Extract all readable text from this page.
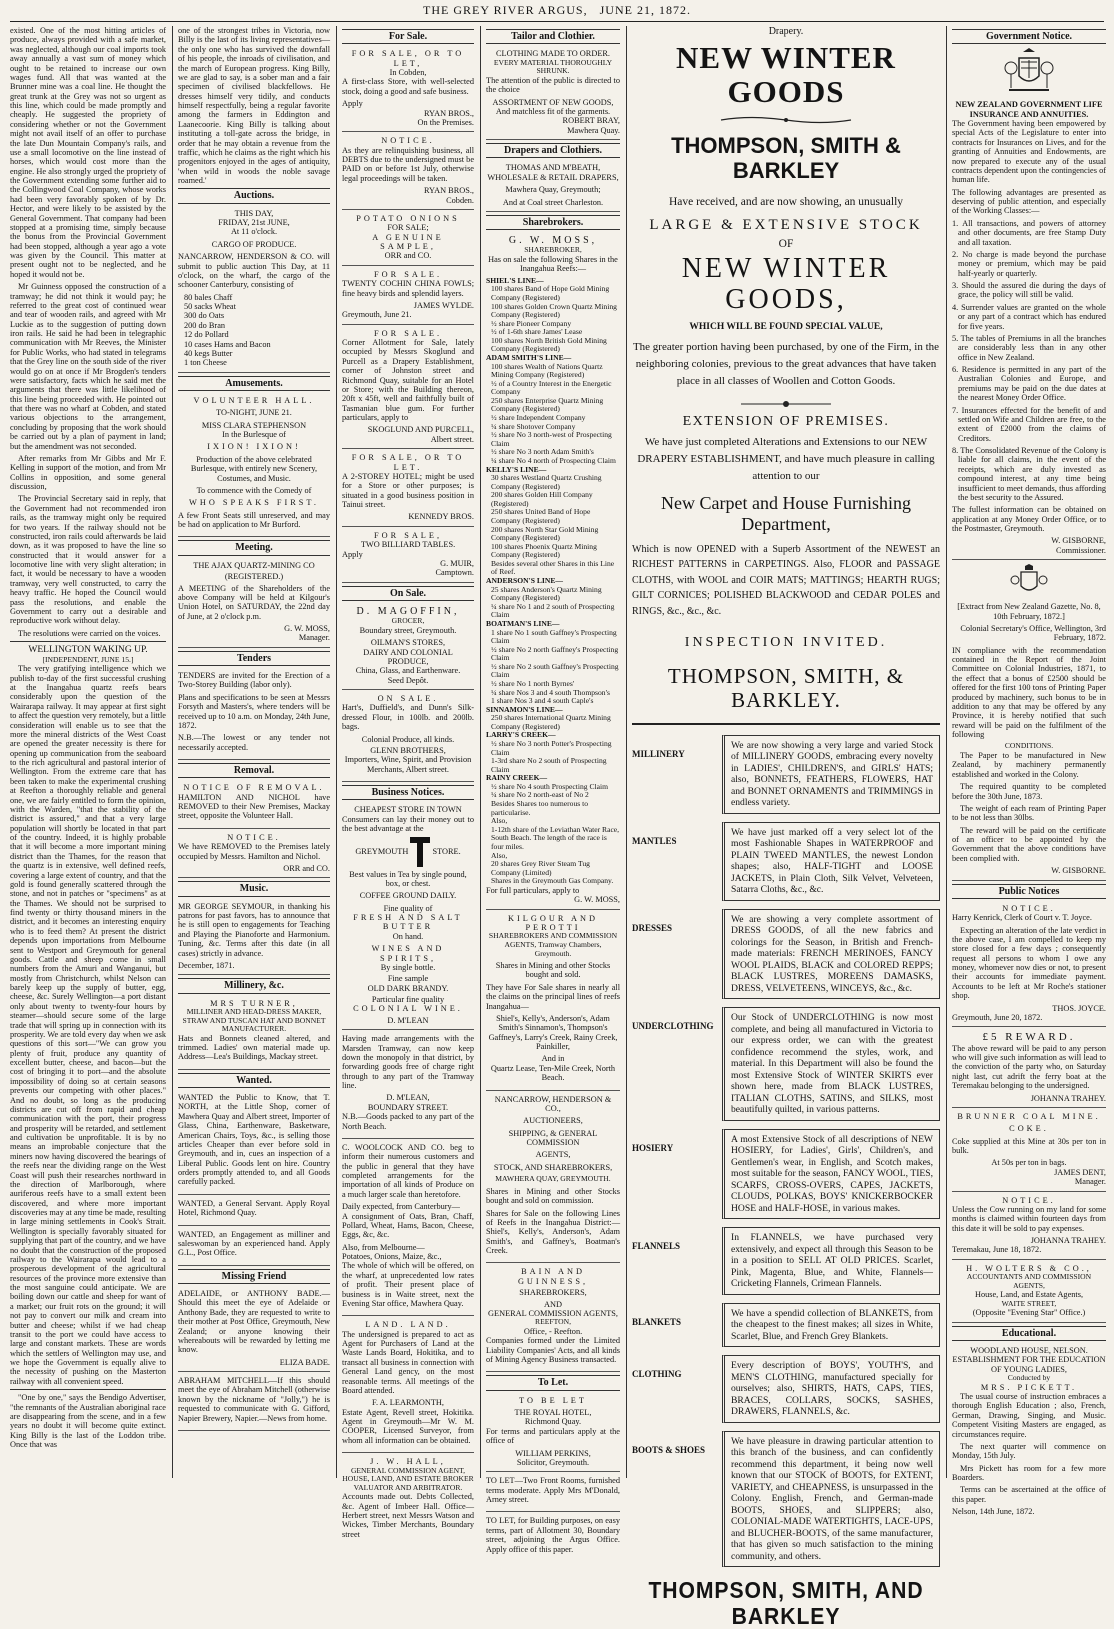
THE GREY RIVER ARGUS, JUNE 21, 1872.

existed. One of the most hitting articles of produce, always provided with a safe market, was neglected, although our coal imports took away annually a vast sum of money which ought to be retained to increase our own wages fund. All that was wanted at the Brunner mine was a coal line. He thought the great trunk at the Grey was not so urgent as this line, which could be made promptly and cheaply. He suggested the propriety of considering whether or not the Government might not avail itself of an offer to purchase the late Dun Mountain Company's rails, and use a small locomotive on the line instead of horses, which would cost more than the engine. He also strongly urged the propriety of the Government extending some further aid to the Collingwood Coal Company, whose works had been very favorably spoken of by Dr. Hector, and were likely to be assisted by the General Government. That company had been stopped at a promising time, simply because the bonus from the Provincial Government had been stopped, although a year ago a vote was given by the Council. This matter at present ought not to be neglected, and he hoped it would not be.

Mr Guinness opposed the construction of a tramway; he did not think it would pay; he referred to the great cost of continued wear and tear of wooden rails, and agreed with Mr Luckie as to the suggestion of putting down iron rails. He said he had been in telegraphic communication with Mr Reeves, the Minister for Public Works, who had stated in telegrams that the Grey line on the south side of the river would go on at once if Mr Brogden's tenders were satisfactory, facts which he said met the arguments that there was little likelihood of this line being proceeded with. He pointed out that there was no wharf at Cobden, and stated various objections to the arrangement, concluding by proposing that the work should be carried out by a plan of payment in land; but the amendment was not seconded.

After remarks from Mr Gibbs and Mr F. Kelling in support of the motion, and from Mr Collins in opposition, and some general discussion,

The Provincial Secretary said in reply, that the Government had not recommended iron rails, as the tramway might only be required for two years. If the railway should not be constructed, iron rails could afterwards be laid down, as it was proposed to have the line so constructed that it would answer for a locomotive line with very slight alteration; in fact, it would be necessary to have a wooden tramway, very well constructed, to carry the heavy traffic. He hoped the Council would pass the resolutions, and enable the Government to carry out a desirable and reproductive work without delay.

The resolutions were carried on the voices.

WELLINGTON WAKING UP.
[INDEPENDENT, JUNE 15.]

The very gratifying intelligence which we publish to-day of the first successful crushing at the Inangahua quartz reefs bears considerably upon the question of the Wairarapa railway. It may appear at first sight to affect the question very remotely, but a little consideration will enable us to see that the more the mineral districts of the West Coast are opened the greater necessity is there for opening up communication from the seaboard to the rich agricultural and pastoral interior of Wellington. From the extreme care that has been taken to make the experimental crushing at Reefton a thoroughly reliable and general one, we are fairly entitled to form the opinion, with the Warden, "that the stability of the district is assured," and that a very large population will shortly be located in that part of the country. Indeed, it is highly probable that it will become a more important mining district than the Thames, for the reason that the quartz is in extensive, well defined reefs, covering a large extent of country, and that the gold is found generally scattered through the stone, and not in patches or "specimens" as at the Thames. We should not be surprised to find twenty or thirty thousand miners in the district, and it becomes an interesting enquiry who is to feed them? At present the district depends upon importations from Melbourne sent to Westport and Greymouth for general goods. Cattle and sheep come in small numbers from the Amuri and Wanganui, but mostly from Christchurch, whilst Nelson can barely keep up the supply of butter, egg, cheese, &c. Surely Wellington—a port distant only about twenty to twenty-four hours by steamer—should secure some of the large trade that will spring up in connection with its prosperity. We are told every day when we ask questions of this sort—"We can grow you plenty of fruit, produce any quantity of excellent butter, cheese, and bacon—but the cost of bringing it to port—and the absolute impossibility of doing so at certain seasons prevents our competing with other places." And no doubt, so long as the producing districts are cut off from rapid and cheap communication with the port, their progress and prosperity will be retarded, and settlement and cultivation be unprofitable. It is by no means an improbable conjecture that the miners now having discovered the bearings of the reefs near the dividing range on the West Coast will push their researches northward in the direction of Marlborough, where auriferous reefs have to a small extent been discovered, and where more important discoveries may at any time be made, resulting in large mining settlements in Cook's Strait. Wellington is specially favorably situated for supplying that part of the country, and we have no doubt that the construction of the proposed railway to the Wairarapa would lead to a prosperous development of the agricultural resources of the province more extensive than the most sanguine could anticipate. We are boiling down our cattle and sheep for want of a market; our fruit rots on the ground; it will not pay to convert our milk and cream into butter and cheese; whilst if we had cheap transit to the port we could have access to large and constant markets. These are words which the settlers of Wellington may use, and we hope the Government is equally alive to the necessity of pushing on the Masterton railway with all convenient speed.

"One by one," says the Bendigo Advertiser, "the remnants of the Australian aboriginal race are disappearing from the scene, and in a few years no doubt it will become quite extinct. King Billy is the last of the Loddon tribe. Once that was

one of the strongest tribes in Victoria, now Billy is the last of its living representatives—the only one who has survived the downfall of his people, the inroads of civilisation, and the march of European progress. King Billy, we are glad to say, is a sober man and a fair specimen of civilised blackfellows. He dresses himself very tidily, and conducts himself respectfully, being a regular favorite among the farmers in Eddington and Laanecoorie. King Billy is talking about instituting a toll-gate across the bridge, in order that he may obtain a revenue from the traffic, which he claims as the right which his progenitors enjoyed in the ages of antiquity, 'when wild in woods the noble savage roamed.'

Auctions.
THIS DAY,
FRIDAY, 21st JUNE,
At 11 o'clock.
CARGO OF PRODUCE.

NANCARROW, HENDERSON & CO. will submit to public auction This Day, at 11 o'clock, on the wharf, the cargo of the schooner Canterbury, consisting of

80 bales Chaff
50 sacks Wheat
300 do Oats
200 do Bran
12 do Pollard
10 cases Hams and Bacon
40 kegs Butter
1 ton Cheese
Amusements.
VOLUNTEER HALL.
TO-NIGHT, JUNE 21.
MISS CLARA STEPHENSON
In the Burlesque of
IXION! IXION!

Production of the above celebrated Burlesque, with entirely new Scenery, Costumes, and Music.

To commence with the Comedy of
WHO SPEAKS FIRST.

A few Front Seats still unreserved, and may be had on application to Mr Burford.

Meeting.
THE AJAX QUARTZ-MINING CO
(REGISTERED.)

A MEETING of the Shareholders of the above Company will be held at Kilgour's Union Hotel, on SATURDAY, the 22nd day of June, at 2 o'clock p.m.

G. W. MOSS,
Manager.
Tenders

TENDERS are invited for the Erection of a Two-Storey Building (labor only).

Plans and specifications to be seen at Messrs Forsyth and Masters's, where tenders will be received up to 10 a.m. on Monday, 24th June, 1872.

N.B.—The lowest or any tender not necessarily accepted.

Removal.
NOTICE OF REMOVAL.

HAMILTON AND NICHOL have REMOVED to their New Premises, Mackay street, opposite the Volunteer Hall.

NOTICE.

We have REMOVED to the Premises lately occupied by Messrs. Hamilton and Nichol.

ORR and CO.
Music.

MR GEORGE SEYMOUR, in thanking his patrons for past favors, has to announce that he is still open to engagements for Teaching and Playing the Pianoforte and Harmonium. Tuning, &c. Terms after this date (in all cases) strictly in advance.

December, 1871.
Millinery, &c.
MRS TURNER,
MILLINER AND HEAD-DRESS MAKER,
STRAW AND TUSCAN HAT AND BONNET MANUFACTURER.

Hats and Bonnets cleaned altered, and trimmed. Ladies' own material made up. Address—Lea's Buildings, Mackay street.

Wanted.

WANTED the Public to Know, that T. NORTH, at the Little Shop, corner of Mawhera Quay and Albert street, Importer of Glass, China, Earthenware, Basketware, American Chairs, Toys, &c., is selling those articles Cheaper than ever before sold in Greymouth, and in, cues an inspection of a Liberal Public. Goods lent on hire. Country orders promptly attended to, and all Goods carefully packed.

WANTED, a General Servant. Apply Royal Hotel, Richmond Quay.

WANTED, an Engagement as milliner and saleswoman by an experienced hand. Apply G.L., Post Office.

Missing Friend

ADELAIDE, or ANTHONY BADE.—Should this meet the eye of Adelaide or Anthony Bade, they are requested to write to their mother at Post Office, Greymouth, New Zealand; or anyone knowing their whereabouts will be rewarded by letting me know.

ELIZA BADE.

ABRAHAM MITCHELL—If this should meet the eye of Abraham Mitchell (otherwise known by the nickname of "Jolly,") he is requested to communicate with G. Gifford, Napier Brewery, Napier.—News from home.

For Sale.
FOR SALE, OR TO LET,
In Cobden,

A first-class Store, with well-selected stock, doing a good and safe business.

Apply
RYAN BROS.,
On the Premises.
NOTICE.

As they are relinquishing business, all DEBTS due to the undersigned must be PAID on or before 1st July, otherwise legal proceedings will be taken.

RYAN BROS.,
Cobden.
POTATO ONIONS
FOR SALE;
A GENUINE SAMPLE,
ORR and CO.
FOR SALE.

TWENTY COCHIN CHINA FOWLS; fine heavy birds and splendid layers.

JAMES WYLDE.
Greymouth, June 21.
FOR SALE.

Corner Allotment for Sale, lately occupied by Messrs Skoglund and Purcell as a Drapery Establishment, corner of Johnston street and Richmond Quay, suitable for an Hotel or Store; with the Building thereon, 20ft x 45ft, well and faithfully built of Tasmanian blue gum. For further particulars, apply to

SKOGLUND AND PURCELL,
Albert street.
FOR SALE, OR TO LET.

A 2-STOREY HOTEL; might be used for a Store or other purposes; is situated in a good business position in Tainui street.

KENNEDY BROS.
FOR SALE,
TWO BILLIARD TABLES.
Apply
G. MUIR,
Camptown.
On Sale.
D. MAGOFFIN,
GROCER,
Boundary street, Greymouth.
OILMAN'S STORES,
DAIRY AND COLONIAL PRODUCE,
China, Glass, and Earthenware.
Seed Depôt.
ON SALE.

Hart's, Duffield's, and Dunn's Silk-dressed Flour, in 100lb. and 200lb. bags.

Colonial Produce, all kinds.
GLENN BROTHERS,

Importers, Wine, Spirit, and Provision Merchants, Albert street.

Business Notices.
CHEAPEST STORE IN TOWN

Consumers can lay their money out to the best advantage at the

GREYMOUTH	STORE.

Best values in Tea by single pound, box, or chest.

COFFEE GROUND DAILY.
Fine quality of
FRESH AND SALT BUTTER
On hand.
WINES AND SPIRITS,
By single bottle.
Fine sample
OLD DARK BRANDY.
Particular fine quality
COLONIAL WINE.
D. M'LEAN

Having made arrangements with the Marsden Tramway, can now keep down the monopoly in that district, by forwarding goods free of charge right through to any part of the Tramway line.

D. M'LEAN,
BOUNDARY STREET.

N.B.—Goods packed to any part of the North Beach.

C. WOOLCOCK AND CO. beg to inform their numerous customers and the public in general that they have completed arrangements for the importation of all kinds of Produce on a much larger scale than heretofore.

Daily expected, from Canterbury—

A consignment of Oats, Bran, Chaff, Pollard, Wheat, Hams, Bacon, Cheese, Eggs, &c, &c.

Also, from Melbourne—
Potatoes, Onions, Maize, &c.,

The whole of which will be offered, on the wharf, at unprecedented low rates of profit. Their present place of business is in Waite street, next the Evening Star office, Mawhera Quay.

LAND. LAND.

The undersigned is prepared to act as Agent for Purchasers of Land at the Waste Lands Board, Hokitika, and to transact all business in connection with General Land gency, on the most reasonable terms. All meetings of the Board attended.

F. A. LEARMONTH,

Estate Agent, Revell street, Hokitika. Agent in Greymouth—Mr W. M. COOPER, Licensed Surveyor, from whom all information can be obtained.

J. W. HALL,
GENERAL COMMISSION AGENT, HOUSE, LAND, AND ESTATE BROKER
VALUATOR AND ARBITRATOR.

Accounts made out. Debts Collected, &c. Agent of Imbeer Hall. Office—Herbert street, next Messrs Watson and Wickes, Timber Merchants, Boundary street

Tailor and Clothier.
CLOTHING MADE TO ORDER.
EVERY MATERIAL THOROUGHLY SHRUNK.

The attention of the public is directed to the choice

ASSORTMENT OF NEW GOODS,
And matchless fit of the garments.
ROBERT BRAY,
Mawhera Quay.
Drapers and Clothiers.
THOMAS AND M'BEATH,
WHOLESALE & RETAIL DRAPERS,
Mawhera Quay, Greymouth;
And at Coal street Charleston.
Sharebrokers.
G. W. MOSS,
SHAREBROKER,

Has on sale the following Shares in the Inangahua Reefs:—

SHIEL'S LINE—
100 shares Band of Hope Gold Mining Company (Registered)
100 shares Golden Crown Quartz Mining Company (Registered)
½ share Pioneer Company
½ of 1-6th share James' Lease
100 shares North British Gold Mining Company (Registered)
ADAM SMITH'S LINE—
100 shares Wealth of Nations Quartz Mining Company (Registered)
½ of a Country Interest in the Energetic Company
250 shares Enterprise Quartz Mining Company (Registered)
½ share Independent Company
¼ share Shotover Company
½ share No 3 north-west of Prospecting Claim
½ share No 3 north Adam Smith's
¼ share No 4 north of Prospecting Claim
KELLY'S LINE—
30 shares Westland Quartz Crushing Company (Registered)
200 shares Golden Hill Company (Registered)
250 shares United Band of Hope Company (Registered)
200 shares North Star Gold Mining Company (Registered)
100 shares Phoenix Quartz Mining Company (Registered)
Besides several other Shares in this Line of Reef.
ANDERSON'S LINE—
25 shares Anderson's Quartz Mining Company (Registered)
¼ share No 1 and 2 south of Prospecting Claim
BOATMAN'S LINE—
1 share No 1 south Gaffney's Prospecting Claim
½ share No 2 north Gaffney's Prospecting Claim
½ share No 2 south Gaffney's Prospecting Claim
½ share No 1 north Byrnes'
¼ share Nos 3 and 4 south Thompson's
1 share Nos 3 and 4 south Caple's
SINNAMON'S LINE—
250 shares International Quartz Mining Company (Registered)
LARRY'S CREEK—
½ share No 3 north Potter's Prospecting Claim
1-3rd share No 2 south of Prospecting Claim
RAINY CREEK—
½ share No 4 south Prospecting Claim
¼ share No 2 north-east of No 2
Besides Shares too numerous to particularise.
Also,
1-12th share of the Leviathan Water Race, South Beach. The length of the race is four miles.
Also,
20 shares Grey River Steam Tug Company (Limited)
Shares in the Greymouth Gas Company.
For full particulars, apply to
G. W. MOSS,
KILGOUR AND PEROTTI

SHAREBROKERS AND COMMISSION AGENTS, Tramway Chambers, Greymouth.

Shares in Mining and other Stocks bought and sold.

They have For Sale shares in nearly all the claims on the principal lines of reefs Inangahua—

Shiel's, Kelly's, Anderson's, Adam Smith's Sinnamon's, Thompson's Gaffney's, Larry's Creek, Rainy Creek, Painkiller,

And in

Quartz Lease, Ten-Mile Creek, North Beach.

NANCARROW, HENDERSON & CO.,
AUCTIONEERS,
SHIPPING, & GENERAL COMMISSION
AGENTS,
STOCK, AND SHAREBROKERS,
MAWHERA QUAY, GREYMOUTH.

Shares in Mining and other Stocks bought and sold on commission.

Shares for Sale on the following Lines of Reefs in the Inangahua District:—Shiel's, Kelly's, Anderson's, Adam Smith's, and Gaffney's, Boatman's Creek.

BAIN AND GUINNESS,
SHAREBROKERS,
AND
GENERAL COMMISSION AGENTS,
REEFTON,
Office, - Reefton.

Companies formed under the Limited Liability Companies' Acts, and all kinds of Mining Agency Business transacted.

To Let.
TO BE LET
THE ROYAL HOTEL,
Richmond Quay.

For terms and particulars apply at the office of

WILLIAM PERKINS,
Solicitor, Greymouth.

TO LET—Two Front Rooms, furnished terms moderate. Apply Mrs M'Donald, Arney street.

TO LET, for Building purposes, on easy terms, part of Allotment 30, Boundary street, adjoining the Argus Office. Apply office of this paper.

Drapery.
NEW WINTER GOODS
THOMPSON, SMITH & BARKLEY
Have received, and are now showing, an unusually
LARGE & EXTENSIVE STOCK
OF
NEW WINTER GOODS,
WHICH WILL BE FOUND SPECIAL VALUE,
The greater portion having been purchased, by one of the Firm, in the neighboring colonies, previous to the great advances that have taken place in all classes of Woollen and Cotton Goods.
EXTENSION OF PREMISES.
We have just completed Alterations and Extensions to our NEW DRAPERY ESTABLISHMENT, and have much pleasure in calling attention to our
New Carpet and House Furnishing Department,
Which is now OPENED with a Superb Assortment of the NEWEST an RICHEST PATTERNS in CARPETINGS. Also, FLOOR and PASSAGE CLOTHS, with WOOL and COIR MATS; MATTINGS; HEARTH RUGS; GILT CORNICES; POLISHED BLACKWOOD and CEDAR POLES and RINGS, &c., &c., &c.
INSPECTION INVITED.
THOMPSON, SMITH, & BARKLEY.
MILLINERY
We are now showing a very large and varied Stock of MILLINERY GOODS, embracing every novelty in LADIES', CHILDREN'S, and GIRLS' HATS; also, BONNETS, FEATHERS, FLOWERS, HAT and BONNET ORNAMENTS and TRIMMINGS in endless variety.
MANTLES
We have just marked off a very select lot of the most Fashionable Shapes in WATERPROOF and PLAIN TWEED MANTLES, the newest London shapes; also, HALF-TIGHT and LOOSE JACKETS, in Plain Cloth, Silk Velvet, Velveteen, Satarra Cloths, &c., &c.
DRESSES
We are showing a very complete assortment of DRESS GOODS, of all the new fabrics and colorings for the Season, in British and French-made materials: FRENCH MERINOES, FANCY WOOL PLAIDS, BLACK and COLORED REPPS; BLACK LUSTRES, MOREENS DAMASKS, DRESS, VELVETEENS, WINCEYS, &c., &c.
UNDERCLOTHING
Our Stock of UNDERCLOTHING is now most complete, and being all manufactured in Victoria to our express order, we can with the greatest confidence recommend the styles, work, and material. In this Department will also be found the most Extensive Stock of WINTER SKIRTS ever shown here, made from BLACK LUSTRES, ITALIAN CLOTHS, SATINS, and SILKS, most beautifully quilted, in various patterns.
HOSIERY
A most Extensive Stock of all descriptions of NEW HOSIERY, for Ladies', Girls', Children's, and Gentlemen's wear, in English, and Scotch makes, most suitable for the season, FANCY WOOL, TIES, SCARFS, CROSS-OVERS, CAPES, JACKETS, CLOUDS, POLKAS, BOYS' KNICKERBOCKER HOSE and HALF-HOSE, in various makes.
FLANNELS
In FLANNELS, we have purchased very extensively, and expect all through this Season to be in a position to SELL AT OLD PRICES. Scarlet, Pink, Magenta, Blue, and White, Flannels—Cricketing Flannels, Crimean Flannels.
BLANKETS
We have a spendid collection of BLANKETS, from the cheapest to the finest makes; all sizes in White, Scarlet, Blue, and French Grey Blankets.
CLOTHING
Every description of BOYS', YOUTH'S, and MEN'S CLOTHING, manufactured specially for ourselves; also, SHIRTS, HATS, CAPS, TIES, BRACES, COLLARS, SOCKS, SASHES, DRAWERS, FLANNELS, &c.
BOOTS & SHOES
We have pleasure in drawing particular attention to this branch of the business, and can confidently recommend this department, it being now well known that our STOCK of BOOTS, for EXTENT, VARIETY, and CHEAPNESS, is unsurpassed in the Colony. English, French, and German-made BOOTS, SHOES, and SLIPPERS; also, COLONIAL-MADE WATERTIGHTS, LACE-UPS, and BLUCHER-BOOTS, of the same manufacturer, that has given so much satisfaction to the mining community, and others.
THOMPSON, SMITH, AND BARKLEY
Government Notice.
NEW ZEALAND GOVERNMENT LIFE INSURANCE AND ANNUITIES.

The Government having been empowered by special Acts of the Legislature to enter into contracts for Insurances on Lives, and for the granting of Annuities and Endowments, are now prepared to execute any of the usual contracts dependent upon the contingencies of human life.

The following advantages are presented as deserving of public attention, and especially of the Working Classes:—

1. All transactions, and powers of attorney and other documents, are free Stamp Duty and all taxation.

2. No charge is made beyond the purchase money or premium, which may be paid half-yearly or quarterly.

3. Should the assured die during the days of grace, the policy will still be valid.

4. Surrender values are granted on the whole or any part of a contract which has endured for five years.

5. The tables of Premiums in all the branches are considerably less than in any other office in New Zealand.

6. Residence is permitted in any part of the Australian Colonies and Europe, and premiums may be paid on the due dates at the nearest Money Order Office.

7. Insurances effected for the benefit of and settled on Wife and Children are free, to the extent of £2000 from the claims of Creditors.

8. The Consolidated Revenue of the Colony is liable for all claims, in the event of the receipts, which are duly invested as compound interest, at any time being insufficient to meet demands, thus affording the best security to the Assured.

The fullest information can be obtained on application at any Money Order Office, or to the Postmaster, Greymouth.

W. GISBORNE,
Commissioner.

[Extract from New Zealand Gazette, No. 8, 10th February, 1872.]

Colonial Secretary's Office, Wellington, 3rd February, 1872.

IN compliance with the recommendation contained in the Report of the Joint Committee on Colonial Industries, 1871, to the effect that a bonus of £2500 should be offered for the first 100 tons of Printing Paper produced by machinery, such bonus to be in addition to any that may be offered by any Province, it is hereby notified that such reward will be paid on the fulfilment of the following

CONDITIONS.

The Paper to be manufactured in New Zealand, by machinery permanently established and worked in the Colony.

The required quantity to be completed before the 30th June, 1873.

The weight of each ream of Printing Paper to be not less than 30lbs.

The reward will be paid on the certificate of an officer to be appointed by the Government that the above conditions have been complied with.

W. GISBORNE.
Public Notices
NOTICE.

Harry Kenrick, Clerk of Court v. T. Joyce.

Expecting an alteration of the late verdict in the above case, I am compelled to keep my store closed for a few days ; consequently request all persons to whom I owe any money, whomever now dies or not, to present their accounts for immediate payment. Accounts to be left at Mr Roche's stationer shop.

THOS. JOYCE.
Greymouth, June 20, 1872.
£5 REWARD.

The above reward will be paid to any person who will give such information as will lead to the conviction of the party who, on Saturday night last, cut adrift the ferry boat at the Teremakau belonging to the undersigned.

JOHANNA TRAHEY.
BRUNNER COAL MINE.
COKE.

Coke supplied at this Mine at 30s per ton in bulk.

At 50s per ton in bags.
JAMES DENT,
Manager.
NOTICE.

Unless the Cow running on my land for some months is claimed within fourteen days from this date it will be sold to pay expenses.

JOHANNA TRAHEY.
Teremakau, June 18, 1872.
H. WOLTERS & CO.,
ACCOUNTANTS AND COMMISSION AGENTS,
House, Land, and Estate Agents,
WAITE STREET,
(Opposite "Evening Star" Office.)
Educational.
WOODLAND HOUSE, NELSON.
ESTABLISHMENT FOR THE EDUCATION OF YOUNG LADIES,
Conducted by
MRS. PICKETT.

The usual course of instruction embraces a thorough English Education ; also, French, German, Drawing, Singing, and Music. Competent Visiting Masters are engaged, as circumstances require.

The next quarter will commence on Monday, 15th July.

Mrs Pickett has room for a few more Boarders.

Terms can be ascertained at the office of this paper.

Nelson, 14th June, 1872.
